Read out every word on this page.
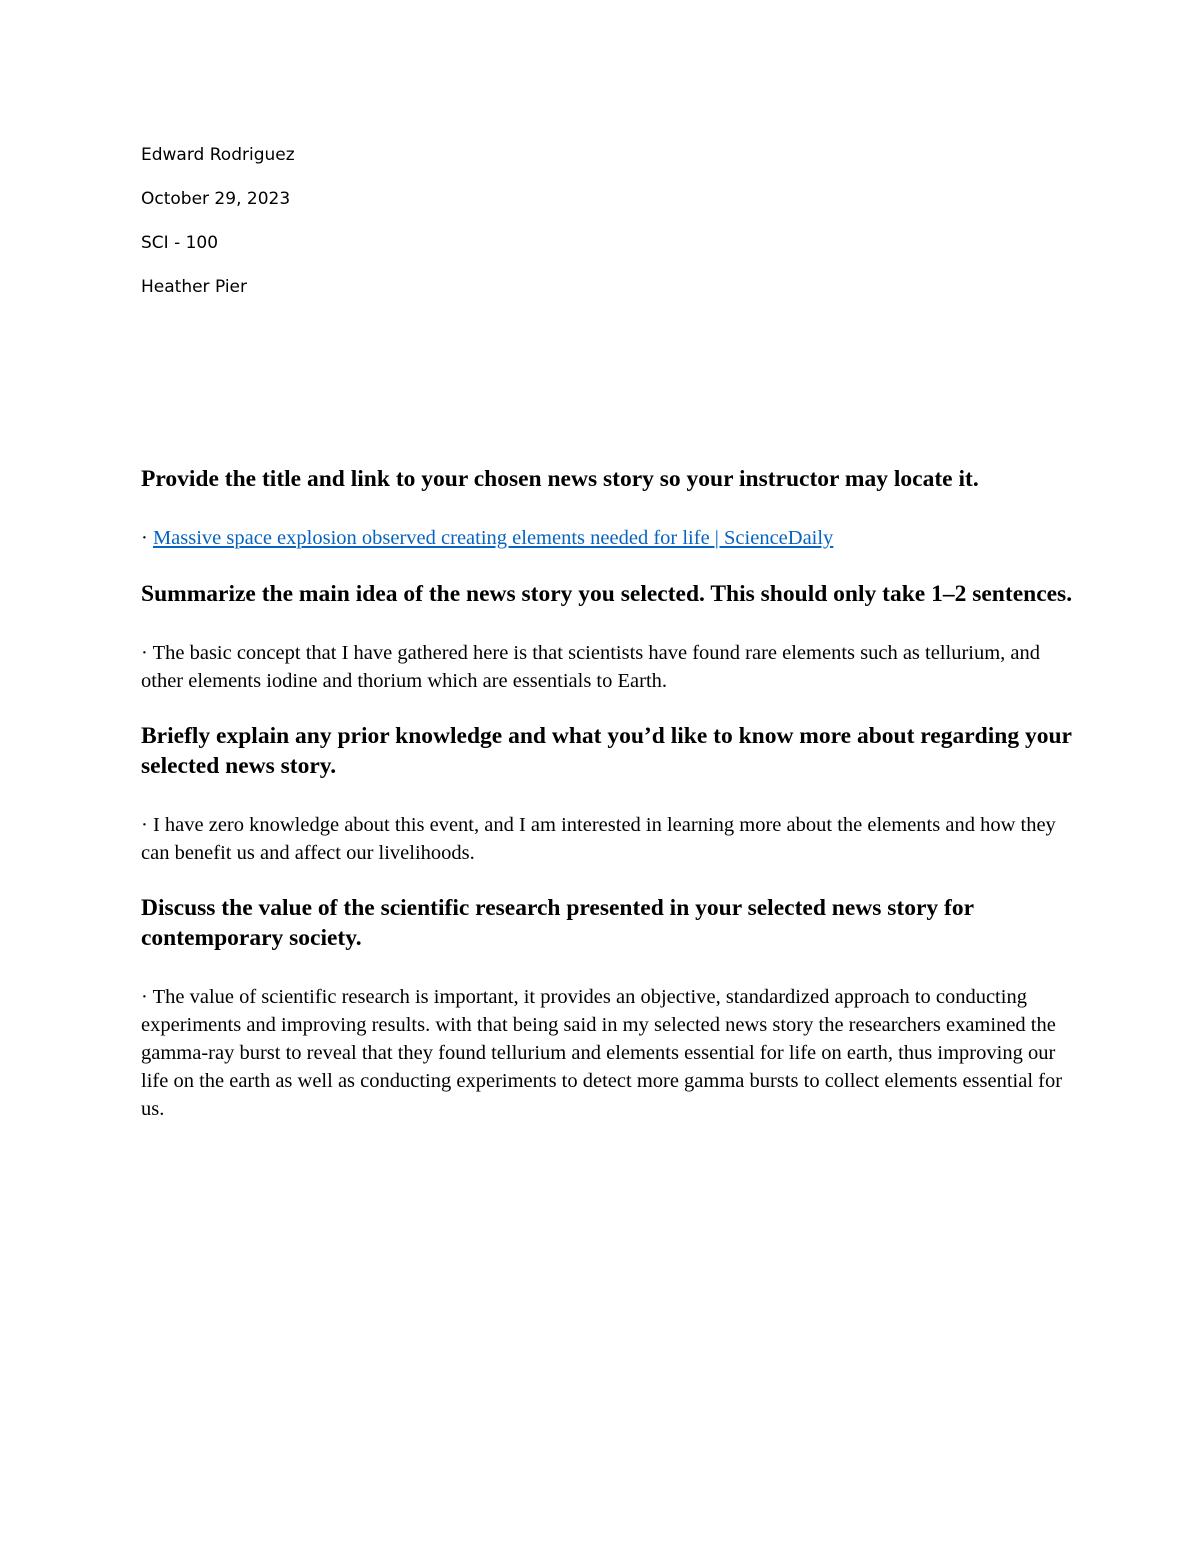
Edward Rodriguez
October 29, 2023
SCI - 100
Heather Pier

Provide the title and link to your chosen news story so your instructor may locate it.

· Massive space explosion observed creating elements needed for life | ScienceDaily

Summarize the main idea of the news story you selected. This should only take 1–2 sentences.

· The basic concept that I have gathered here is that scientists have found rare elements such as tellurium, and other elements iodine and thorium which are essentials to Earth.

Briefly explain any prior knowledge and what you’d like to know more about regarding your selected news story.

· I have zero knowledge about this event, and I am interested in learning more about the elements and how they can benefit us and affect our livelihoods.

Discuss the value of the scientific research presented in your selected news story for contemporary society.

· The value of scientific research is important, it provides an objective, standardized approach to conducting experiments and improving results. with that being said in my selected news story the researchers examined the gamma-ray burst to reveal that they found tellurium and elements essential for life on earth, thus improving our life on the earth as well as conducting experiments to detect more gamma bursts to collect elements essential for us.
